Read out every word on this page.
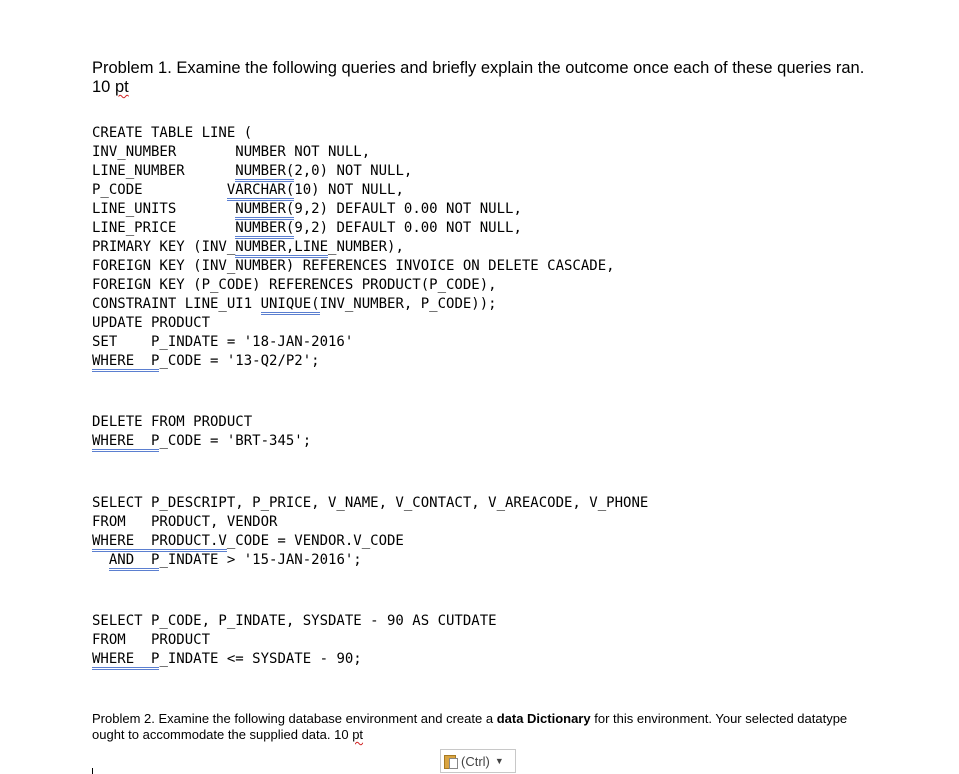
Problem 1. Examine the following queries and briefly explain the outcome once each of these queries ran. 10 pt
CREATE TABLE LINE (
INV_NUMBER       NUMBER NOT NULL,
LINE_NUMBER      NUMBER(2,0) NOT NULL,
P_CODE          VARCHAR(10) NOT NULL,
LINE_UNITS       NUMBER(9,2) DEFAULT 0.00 NOT NULL,
LINE_PRICE       NUMBER(9,2) DEFAULT 0.00 NOT NULL,
PRIMARY KEY (INV_NUMBER,LINE_NUMBER),
FOREIGN KEY (INV_NUMBER) REFERENCES INVOICE ON DELETE CASCADE,
FOREIGN KEY (P_CODE) REFERENCES PRODUCT(P_CODE),
CONSTRAINT LINE_UI1 UNIQUE(INV_NUMBER, P_CODE));
UPDATE PRODUCT
SET    P_INDATE = '18-JAN-2016'
WHERE  P_CODE = '13-Q2/P2';
DELETE FROM PRODUCT
WHERE  P_CODE = 'BRT-345';
SELECT P_DESCRIPT, P_PRICE, V_NAME, V_CONTACT, V_AREACODE, V_PHONE
FROM   PRODUCT, VENDOR
WHERE  PRODUCT.V_CODE = VENDOR.V_CODE
AND  P_INDATE > '15-JAN-2016';
SELECT P_CODE, P_INDATE, SYSDATE - 90 AS CUTDATE
FROM   PRODUCT
WHERE  P_INDATE <= SYSDATE - 90;
Problem 2. Examine the following database environment and create a data Dictionary for this environment. Your selected datatype ought to accommodate the supplied data. 10 pt
(Ctrl) ▼
